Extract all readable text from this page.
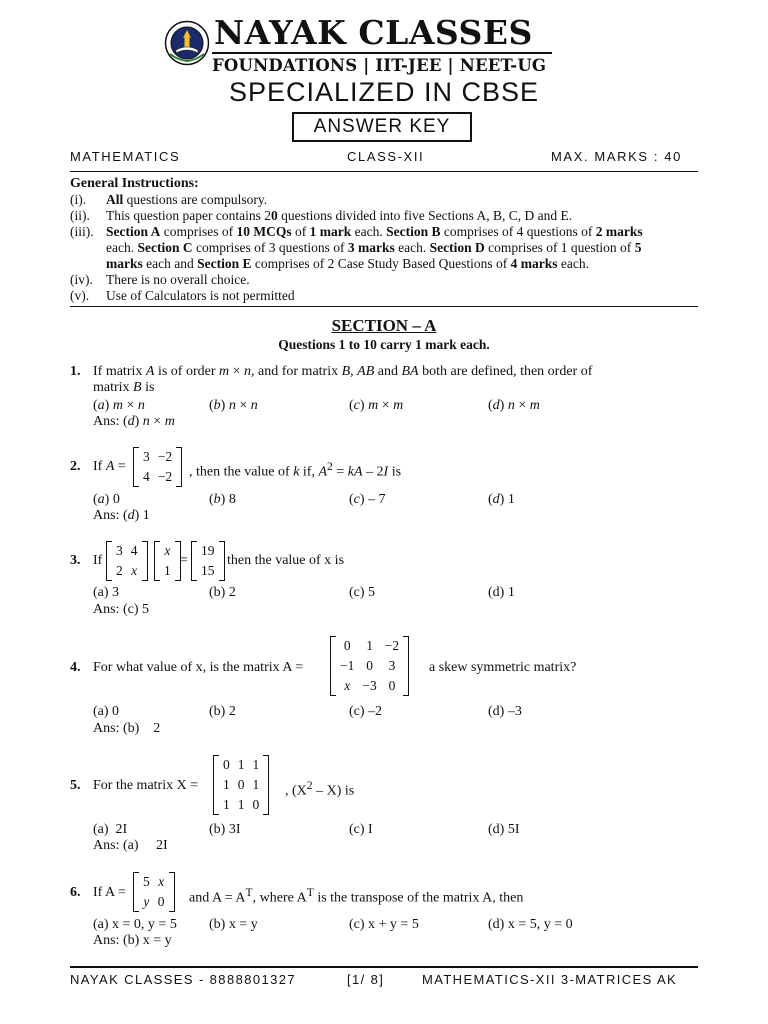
NAYAK CLASSES
FOUNDATIONS | IIT-JEE | NEET-UG
SPECIALIZED IN CBSE
ANSWER KEY
MATHEMATICS	CLASS-XII	MAX. MARKS : 40
General Instructions:
(i). All questions are compulsory.
(ii). This question paper contains 20 questions divided into five Sections A, B, C, D and E.
(iii). Section A comprises of 10 MCQs of 1 mark each. Section B comprises of 4 questions of 2 marks
each. Section C comprises of 3 questions of 3 marks each. Section D comprises of 1 question of 5
marks each and Section E comprises of 2 Case Study Based Questions of 4 marks each.
(iv). There is no overall choice.
(v). Use of Calculators is not permitted
SECTION – A
Questions 1 to 10 carry 1 mark each.
1. If matrix A is of order m × n, and for matrix B, AB and BA both are defined, then order of
matrix B is
(a) m × n	(b) n × n	(c) m × m	(d) n × m
Ans: (d) n × m
2. If A =
3	−2
4	−2 , then the value of k if, $A^2$ = kA – 2I is
(a) 0	(b) 8	(c) – 7	(d) 1
Ans: (d) 1
3. If
3	4
2	x
x
1
=
19
15
then the value of x is
(a) 3	(b) 2	(c) 5	(d) 1
Ans: (c) 5
4. For what value of x, is the matrix A =
0	1	−2
−1	0	3
x	−3	0
a skew symmetric matrix?
(a) 0	(b) 2	(c) –2	(d) –3
Ans: (b)    2
5. For the matrix X =
0	1	1
1	0	1
1	1	0
, $(X^2 - X)$ is
(a)  2I	(b) 3I	(c) I	(d) 5I
Ans: (a)     2I
6. If A =
5	x
y	0 and $A = A^T$, where $A^T$ is the transpose of the matrix A, then
(a) x = 0, y = 5 (b) x = y	(c) x + y = 5	(d) x = 5, y = 0
Ans: (b) x = y
NAYAK CLASSES - 8888801327	[1/ 8]	MATHEMATICS-XII 3-MATRICES AK
